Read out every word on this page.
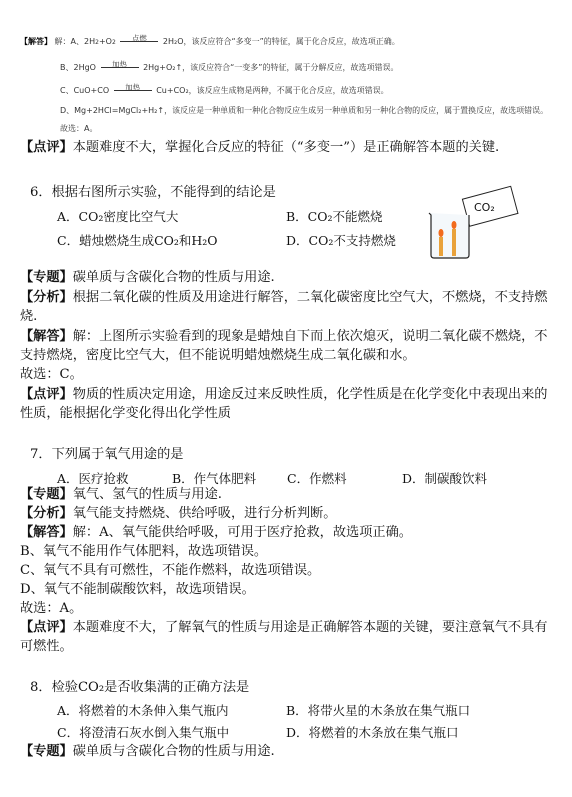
【解答】 解：A、2H2+O2	点燃	2H₂O，该反应符合“多变一”的特征，属于化合反应，故选项正确。
B、2HgO	加热	2Hg+O₂↑，该反应符合“一变多”的特征，属于分解反应，故选项错误。
C、CuO+CO	加热	Cu+CO₂，该反应生成物是两种，不属于化合反应，故选项错误。
D、Mg+2HCl=MgCl₂+H₂↑，该反应是一种单质和一种化合物反应生成另一种单质和另一种化合物的反应，属于置换反应，故选项错误。
故选：A。
【点评】本题难度不大，掌握化合反应的特征（“多变一”）是正确解答本题的关键.
6．根据右图所示实验，不能得到的结论是
A．CO₂密度比空气大	B．CO₂不能燃烧
C．蜡烛燃烧生成CO₂和H₂O	D．CO₂不支持燃烧
CO₂
【专题】碳单质与含碳化合物的性质与用途.
【分析】根据二氧化碳的性质及用途进行解答，二氧化碳密度比空气大，不燃烧，不支持燃烧.
【解答】解：上图所示实验看到的现象是蜡烛自下而上依次熄灭，说明二氧化碳不燃烧，不支持燃烧，密度比空气大，但不能说明蜡烛燃烧生成二氧化碳和水。
故选：C。
【点评】物质的性质决定用途，用途反过来反映性质，化学性质是在化学变化中表现出来的性质，能根据化学变化得出化学性质
7．下列属于氧气用途的是
A．医疗抢救	B．作气体肥料 C．作燃料	D．制碳酸饮料
【专题】氧气、氢气的性质与用途.
【分析】氧气能支持燃烧、供给呼吸，进行分析判断。
【解答】解：A、氧气能供给呼吸，可用于医疗抢救，故选项正确。
B、氧气不能用作气体肥料，故选项错误。
C、氧气不具有可燃性，不能作燃料，故选项错误。
D、氧气不能制碳酸饮料，故选项错误。
故选：A。
【点评】本题难度不大，了解氧气的性质与用途是正确解答本题的关键，要注意氧气不具有可燃性。
8．检验CO₂是否收集满的正确方法是
A．将燃着的木条伸入集气瓶内	B．将带火星的木条放在集气瓶口
C．将澄清石灰水倒入集气瓶中	D．将燃着的木条放在集气瓶口
【专题】碳单质与含碳化合物的性质与用途.
